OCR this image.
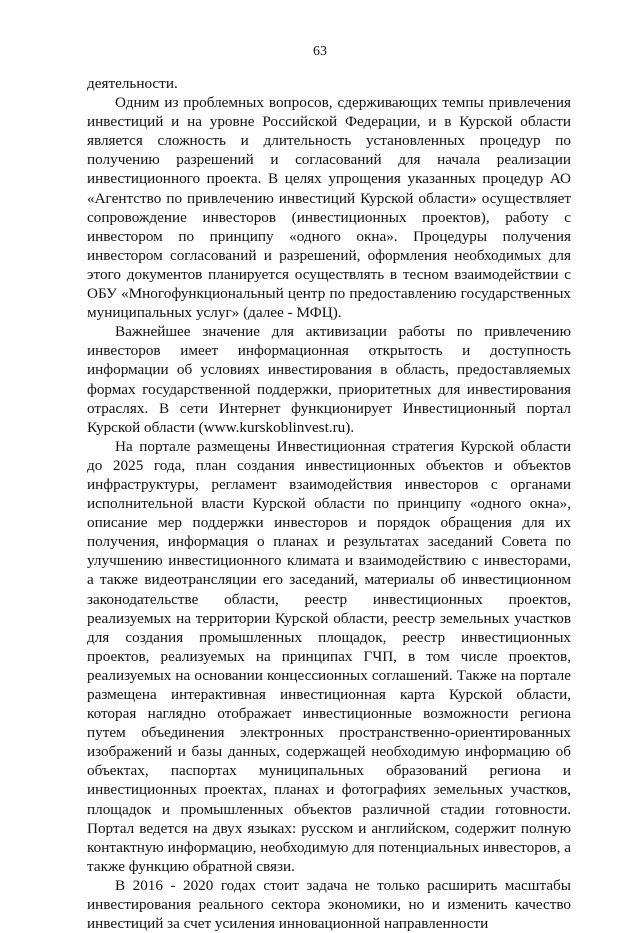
63

деятельности.

Одним из проблемных вопросов, сдерживающих темпы привлечения инвестиций и на уровне Российской Федерации, и в Курской области является сложность и длительность установленных процедур по получению разрешений и согласований для начала реализации инвестиционного проекта. В целях упрощения указанных процедур АО «Агентство по привлечению инвестиций Курской области» осуществляет сопровождение инвесторов (инвестиционных проектов), работу с инвестором по принципу «одного окна». Процедуры получения инвестором согласований и разрешений, оформления необходимых для этого документов планируется осуществлять в тесном взаимодействии с ОБУ «Многофункциональный центр по предоставлению государственных муниципальных услуг» (далее - МФЦ).

Важнейшее значение для активизации работы по привлечению инвесторов имеет информационная открытость и доступность информации об условиях инвестирования в область, предоставляемых формах государственной поддержки, приоритетных для инвестирования отраслях. В сети Интернет функционирует Инвестиционный портал Курской области (www.kurskoblinvest.ru).

На портале размещены Инвестиционная стратегия Курской области до 2025 года, план создания инвестиционных объектов и объектов инфраструктуры, регламент взаимодействия инвесторов с органами исполнительной власти Курской области по принципу «одного окна», описание мер поддержки инвесторов и порядок обращения для их получения, информация о планах и результатах заседаний Совета по улучшению инвестиционного климата и взаимодействию с инвесторами, а также видеотрансляции его заседаний, материалы об инвестиционном законодательстве области, реестр инвестиционных проектов, реализуемых на территории Курской области, реестр земельных участков для создания промышленных площадок, реестр инвестиционных проектов, реализуемых на принципах ГЧП, в том числе проектов, реализуемых на основании концессионных соглашений. Также на портале размещена интерактивная инвестиционная карта Курской области, которая наглядно отображает инвестиционные возможности региона путем объединения электронных пространственно-ориентированных изображений и базы данных, содержащей необходимую информацию об объектах, паспортах муниципальных образований региона и инвестиционных проектах, планах и фотографиях земельных участков, площадок и промышленных объектов различной стадии готовности. Портал ведется на двух языках: русском и английском, содержит полную контактную информацию, необходимую для потенциальных инвесторов, а также функцию обратной связи.

В 2016 - 2020 годах стоит задача не только расширить масштабы инвестирования реального сектора экономики, но и изменить качество инвестиций за счет усиления инновационной направленности
